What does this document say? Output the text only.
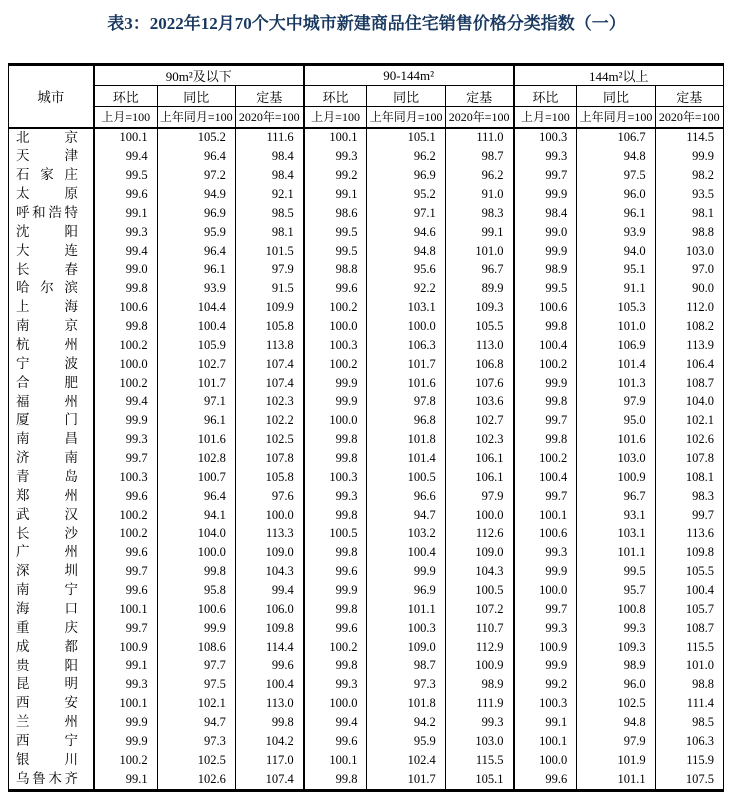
表3：2022年12月70个大中城市新建商品住宅销售价格分类指数（一）
城市	90m²及以下			90-144m²			144m²以上		
	环比	同比	定基	环比	同比	定基	环比	同比	定基
	上月=100	上年同月=100	2020年=100	上月=100	上年同月=100	2020年=100	上月=100	上年同月=100	2020年=100
北京	100.1	105.2	111.6	100.1	105.1	111.0	100.3	106.7	114.5
天津	99.4	96.4	98.4	99.3	96.2	98.7	99.3	94.8	99.9
石家庄	99.5	97.2	98.4	99.2	96.9	96.2	99.7	97.5	98.2
太原	99.6	94.9	92.1	99.1	95.2	91.0	99.9	96.0	93.5
呼和浩特	99.1	96.9	98.5	98.6	97.1	98.3	98.4	96.1	98.1
沈阳	99.3	95.9	98.1	99.5	94.6	99.1	99.0	93.9	98.8
大连	99.4	96.4	101.5	99.5	94.8	101.0	99.9	94.0	103.0
长春	99.0	96.1	97.9	98.8	95.6	96.7	98.9	95.1	97.0
哈尔滨	99.8	93.9	91.5	99.6	92.2	89.9	99.5	91.1	90.0
上海	100.6	104.4	109.9	100.2	103.1	109.3	100.6	105.3	112.0
南京	99.8	100.4	105.8	100.0	100.0	105.5	99.8	101.0	108.2
杭州	100.2	105.9	113.8	100.3	106.3	113.0	100.4	106.9	113.9
宁波	100.0	102.7	107.4	100.2	101.7	106.8	100.2	101.4	106.4
合肥	100.2	101.7	107.4	99.9	101.6	107.6	99.9	101.3	108.7
福州	99.4	97.1	102.3	99.9	97.8	103.6	99.8	97.9	104.0
厦门	99.9	96.1	102.2	100.0	96.8	102.7	99.7	95.0	102.1
南昌	99.3	101.6	102.5	99.8	101.8	102.3	99.8	101.6	102.6
济南	99.7	102.8	107.8	99.8	101.4	106.1	100.2	103.0	107.8
青岛	100.3	100.7	105.8	100.3	100.5	106.1	100.4	100.9	108.1
郑州	99.6	96.4	97.6	99.3	96.6	97.9	99.7	96.7	98.3
武汉	100.2	94.1	100.0	99.8	94.7	100.0	100.1	93.1	99.7
长沙	100.2	104.0	113.3	100.5	103.2	112.6	100.6	103.1	113.6
广州	99.6	100.0	109.0	99.8	100.4	109.0	99.3	101.1	109.8
深圳	99.7	99.8	104.3	99.6	99.9	104.3	99.9	99.5	105.5
南宁	99.6	95.8	99.4	99.9	96.9	100.5	100.0	95.7	100.4
海口	100.1	100.6	106.0	99.8	101.1	107.2	99.7	100.8	105.7
重庆	99.7	99.9	109.8	99.6	100.3	110.7	99.3	99.3	108.7
成都	100.9	108.6	114.4	100.2	109.0	112.9	100.9	109.3	115.5
贵阳	99.1	97.7	99.6	99.8	98.7	100.9	99.9	98.9	101.0
昆明	99.3	97.5	100.4	99.3	97.3	98.9	99.2	96.0	98.8
西安	100.1	102.1	113.0	100.0	101.8	111.9	100.3	102.5	111.4
兰州	99.9	94.7	99.8	99.4	94.2	99.3	99.1	94.8	98.5
西宁	99.9	97.3	104.2	99.6	95.9	103.0	100.1	97.9	106.3
银川	100.2	102.5	117.0	100.1	102.4	115.5	100.0	101.9	115.9
乌鲁木齐	99.1	102.6	107.4	99.8	101.7	105.1	99.6	101.1	107.5
